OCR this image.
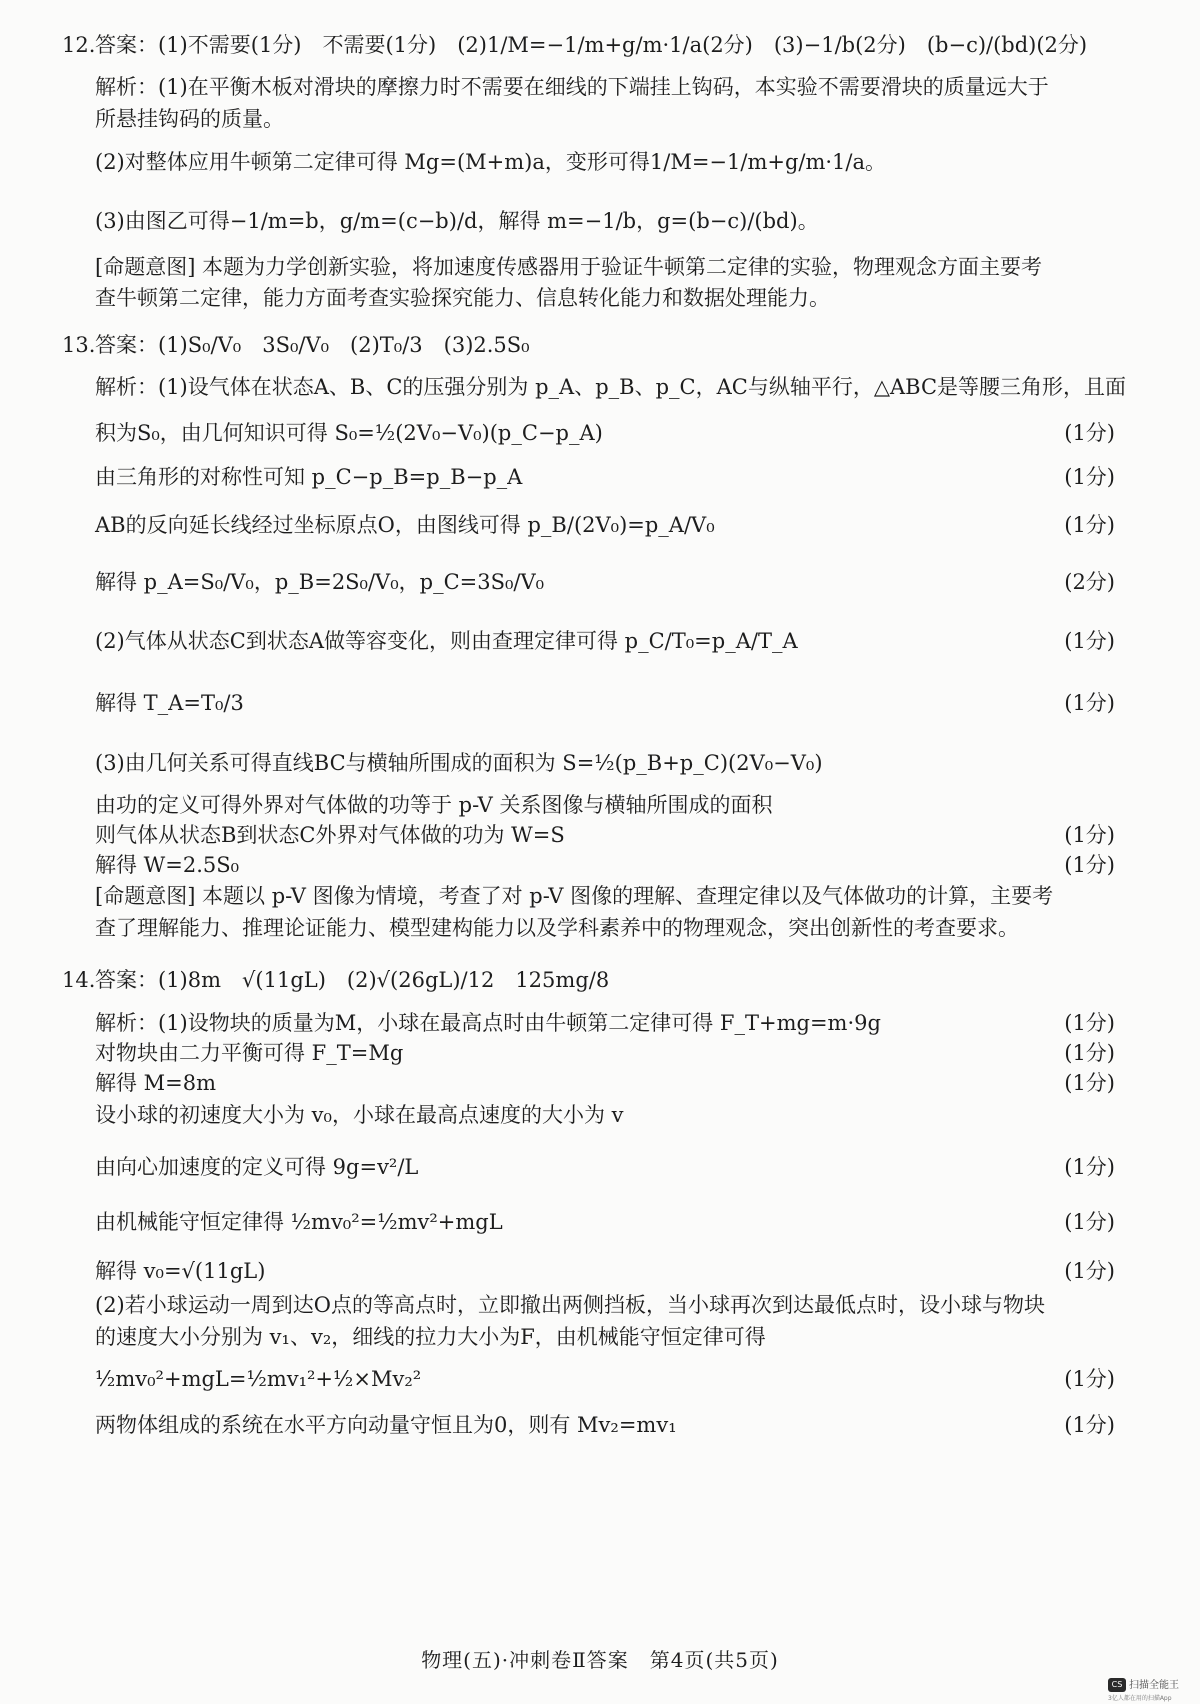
12. 答案：(1)不需要(1分)　不需要(1分)　(2)1/M=−1/m+g/m·1/a(2分)　(3)−1/b(2分)　(b−c)/(bd)(2分)
解析：(1)在平衡木板对滑块的摩擦力时不需要在细线的下端挂上钩码，本实验不需要滑块的质量远大于
所悬挂钩码的质量。
(2)对整体应用牛顿第二定律可得 Mg=(M+m)a，变形可得1/M=−1/m+g/m·1/a。
(3)由图乙可得−1/m=b，g/m=(c−b)/d，解得 m=−1/b，g=(b−c)/(bd)。
[命题意图] 本题为力学创新实验，将加速度传感器用于验证牛顿第二定律的实验，物理观念方面主要考
查牛顿第二定律，能力方面考查实验探究能力、信息转化能力和数据处理能力。
13. 答案：(1)S₀/V₀　3S₀/V₀　(2)T₀/3　(3)2.5S₀
解析：(1)设气体在状态A、B、C的压强分别为 p_A、p_B、p_C，AC与纵轴平行，△ABC是等腰三角形，且面
积为S₀，由几何知识可得 S₀=½(2V₀−V₀)(p_C−p_A)	(1分)
由三角形的对称性可知 p_C−p_B=p_B−p_A	(1分)
AB的反向延长线经过坐标原点O，由图线可得 p_B/(2V₀)=p_A/V₀	(1分)
解得 p_A=S₀/V₀，p_B=2S₀/V₀，p_C=3S₀/V₀	(2分)
(2)气体从状态C到状态A做等容变化，则由查理定律可得 p_C/T₀=p_A/T_A	(1分)
解得 T_A=T₀/3	(1分)
(3)由几何关系可得直线BC与横轴所围成的面积为 S=½(p_B+p_C)(2V₀−V₀)
由功的定义可得外界对气体做的功等于 p-V 关系图像与横轴所围成的面积
则气体从状态B到状态C外界对气体做的功为 W=S	(1分)
解得 W=2.5S₀	(1分)
[命题意图] 本题以 p-V 图像为情境，考查了对 p-V 图像的理解、查理定律以及气体做功的计算，主要考
查了理解能力、推理论证能力、模型建构能力以及学科素养中的物理观念，突出创新性的考查要求。
14. 答案：(1)8m　√(11gL)　(2)√(26gL)/12　125mg/8
解析：(1)设物块的质量为M，小球在最高点时由牛顿第二定律可得 F_T+mg=m·9g	(1分)
对物块由二力平衡可得 F_T=Mg	(1分)
解得 M=8m	(1分)
设小球的初速度大小为 v₀，小球在最高点速度的大小为 v
由向心加速度的定义可得 9g=v²/L	(1分)
由机械能守恒定律得 ½mv₀²=½mv²+mgL	(1分)
解得 v₀=√(11gL)	(1分)
(2)若小球运动一周到达O点的等高点时，立即撤出两侧挡板，当小球再次到达最低点时，设小球与物块
的速度大小分别为 v₁、v₂，细线的拉力大小为F，由机械能守恒定律可得
½mv₀²+mgL=½mv₁²+½×Mv₂²	(1分)
两物体组成的系统在水平方向动量守恒且为0，则有 Mv₂=mv₁	(1分)
物理(五)·冲刺卷Ⅱ答案　第4页(共5页)
CS 扫描全能王
3亿人都在用的扫描App
